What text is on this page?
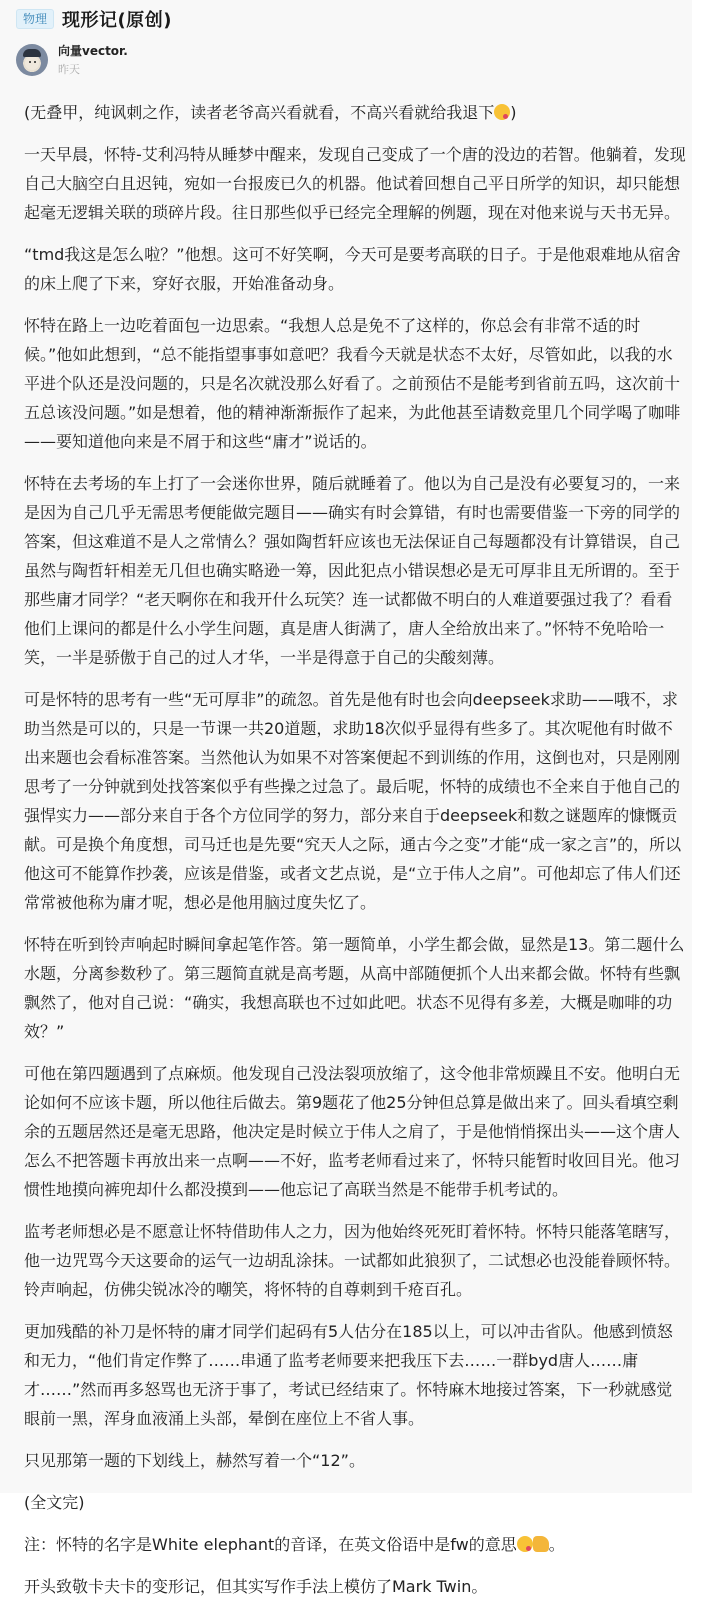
物理 现形记(原创)
向量vector.
昨天

(无叠甲，纯讽刺之作，读者老爷高兴看就看，不高兴看就给我退下 )

一天早晨，怀特-艾利冯特从睡梦中醒来，发现自己变成了一个唐的没边的若智。他躺着，发现自己大脑空白且迟钝，宛如一台报废已久的机器。他试着回想自己平日所学的知识，却只能想起毫无逻辑关联的琐碎片段。往日那些似乎已经完全理解的例题，现在对他来说与天书无异。

“tmd我这是怎么啦？”他想。这可不好笑啊，今天可是要考高联的日子。于是他艰难地从宿舍的床上爬了下来，穿好衣服，开始准备动身。

怀特在路上一边吃着面包一边思索。“我想人总是免不了这样的，你总会有非常不适的时候。”他如此想到，“总不能指望事事如意吧？我看今天就是状态不太好，尽管如此，以我的水平进个队还是没问题的，只是名次就没那么好看了。之前预估不是能考到省前五吗，这次前十五总该没问题。”如是想着，他的精神渐渐振作了起来，为此他甚至请数竞里几个同学喝了咖啡——要知道他向来是不屑于和这些“庸才”说话的。

怀特在去考场的车上打了一会迷你世界，随后就睡着了。他以为自己是没有必要复习的，一来是因为自己几乎无需思考便能做完题目——确实有时会算错，有时也需要借鉴一下旁的同学的答案，但这难道不是人之常情么？强如陶哲轩应该也无法保证自己每题都没有计算错误，自己虽然与陶哲轩相差无几但也确实略逊一筹，因此犯点小错误想必是无可厚非且无所谓的。至于那些庸才同学？“老天啊你在和我开什么玩笑？连一试都做不明白的人难道要强过我了？看看他们上课问的都是什么小学生问题，真是唐人街满了，唐人全给放出来了。”怀特不免哈哈一笑，一半是骄傲于自己的过人才华，一半是得意于自己的尖酸刻薄。

可是怀特的思考有一些“无可厚非”的疏忽。首先是他有时也会向deepseek求助——哦不，求助当然是可以的，只是一节课一共20道题，求助18次似乎显得有些多了。其次呢他有时做不出来题也会看标准答案。当然他认为如果不对答案便起不到训练的作用，这倒也对，只是刚刚思考了一分钟就到处找答案似乎有些操之过急了。最后呢，怀特的成绩也不全来自于他自己的强悍实力——部分来自于各个方位同学的努力，部分来自于deepseek和数之谜题库的慷慨贡献。可是换个角度想，司马迁也是先要“究天人之际，通古今之变”才能“成一家之言”的，所以他这可不能算作抄袭，应该是借鉴，或者文艺点说，是“立于伟人之肩”。可他却忘了伟人们还常常被他称为庸才呢，想必是他用脑过度失忆了。

怀特在听到铃声响起时瞬间拿起笔作答。第一题简单，小学生都会做，显然是13。第二题什么水题，分离参数秒了。第三题简直就是高考题，从高中部随便抓个人出来都会做。怀特有些飘飘然了，他对自己说：“确实，我想高联也不过如此吧。状态不见得有多差，大概是咖啡的功效？”

可他在第四题遇到了点麻烦。他发现自己没法裂项放缩了，这令他非常烦躁且不安。他明白无论如何不应该卡题，所以他往后做去。第9题花了他25分钟但总算是做出来了。回头看填空剩余的五题居然还是毫无思路，他决定是时候立于伟人之肩了，于是他悄悄探出头——这个唐人怎么不把答题卡再放出来一点啊——不好，监考老师看过来了，怀特只能暂时收回目光。他习惯性地摸向裤兜却什么都没摸到——他忘记了高联当然是不能带手机考试的。

监考老师想必是不愿意让怀特借助伟人之力，因为他始终死死盯着怀特。怀特只能落笔瞎写，他一边咒骂今天这要命的运气一边胡乱涂抹。一试都如此狼狈了，二试想必也没能眷顾怀特。铃声响起，仿佛尖锐冰冷的嘲笑，将怀特的自尊刺到千疮百孔。

更加残酷的补刀是怀特的庸才同学们起码有5人估分在185以上，可以冲击省队。他感到愤怒和无力，“他们肯定作弊了……串通了监考老师要来把我压下去……一群byd唐人……庸才……”然而再多怒骂也无济于事了，考试已经结束了。怀特麻木地接过答案，下一秒就感觉眼前一黑，浑身血液涌上头部，晕倒在座位上不省人事。

只见那第一题的下划线上，赫然写着一个“12”。

(全文完)

注：怀特的名字是White elephant的音译，在英文俗语中是fw的意思 。

开头致敬卡夫卡的变形记，但其实写作手法上模仿了Mark Twin。
